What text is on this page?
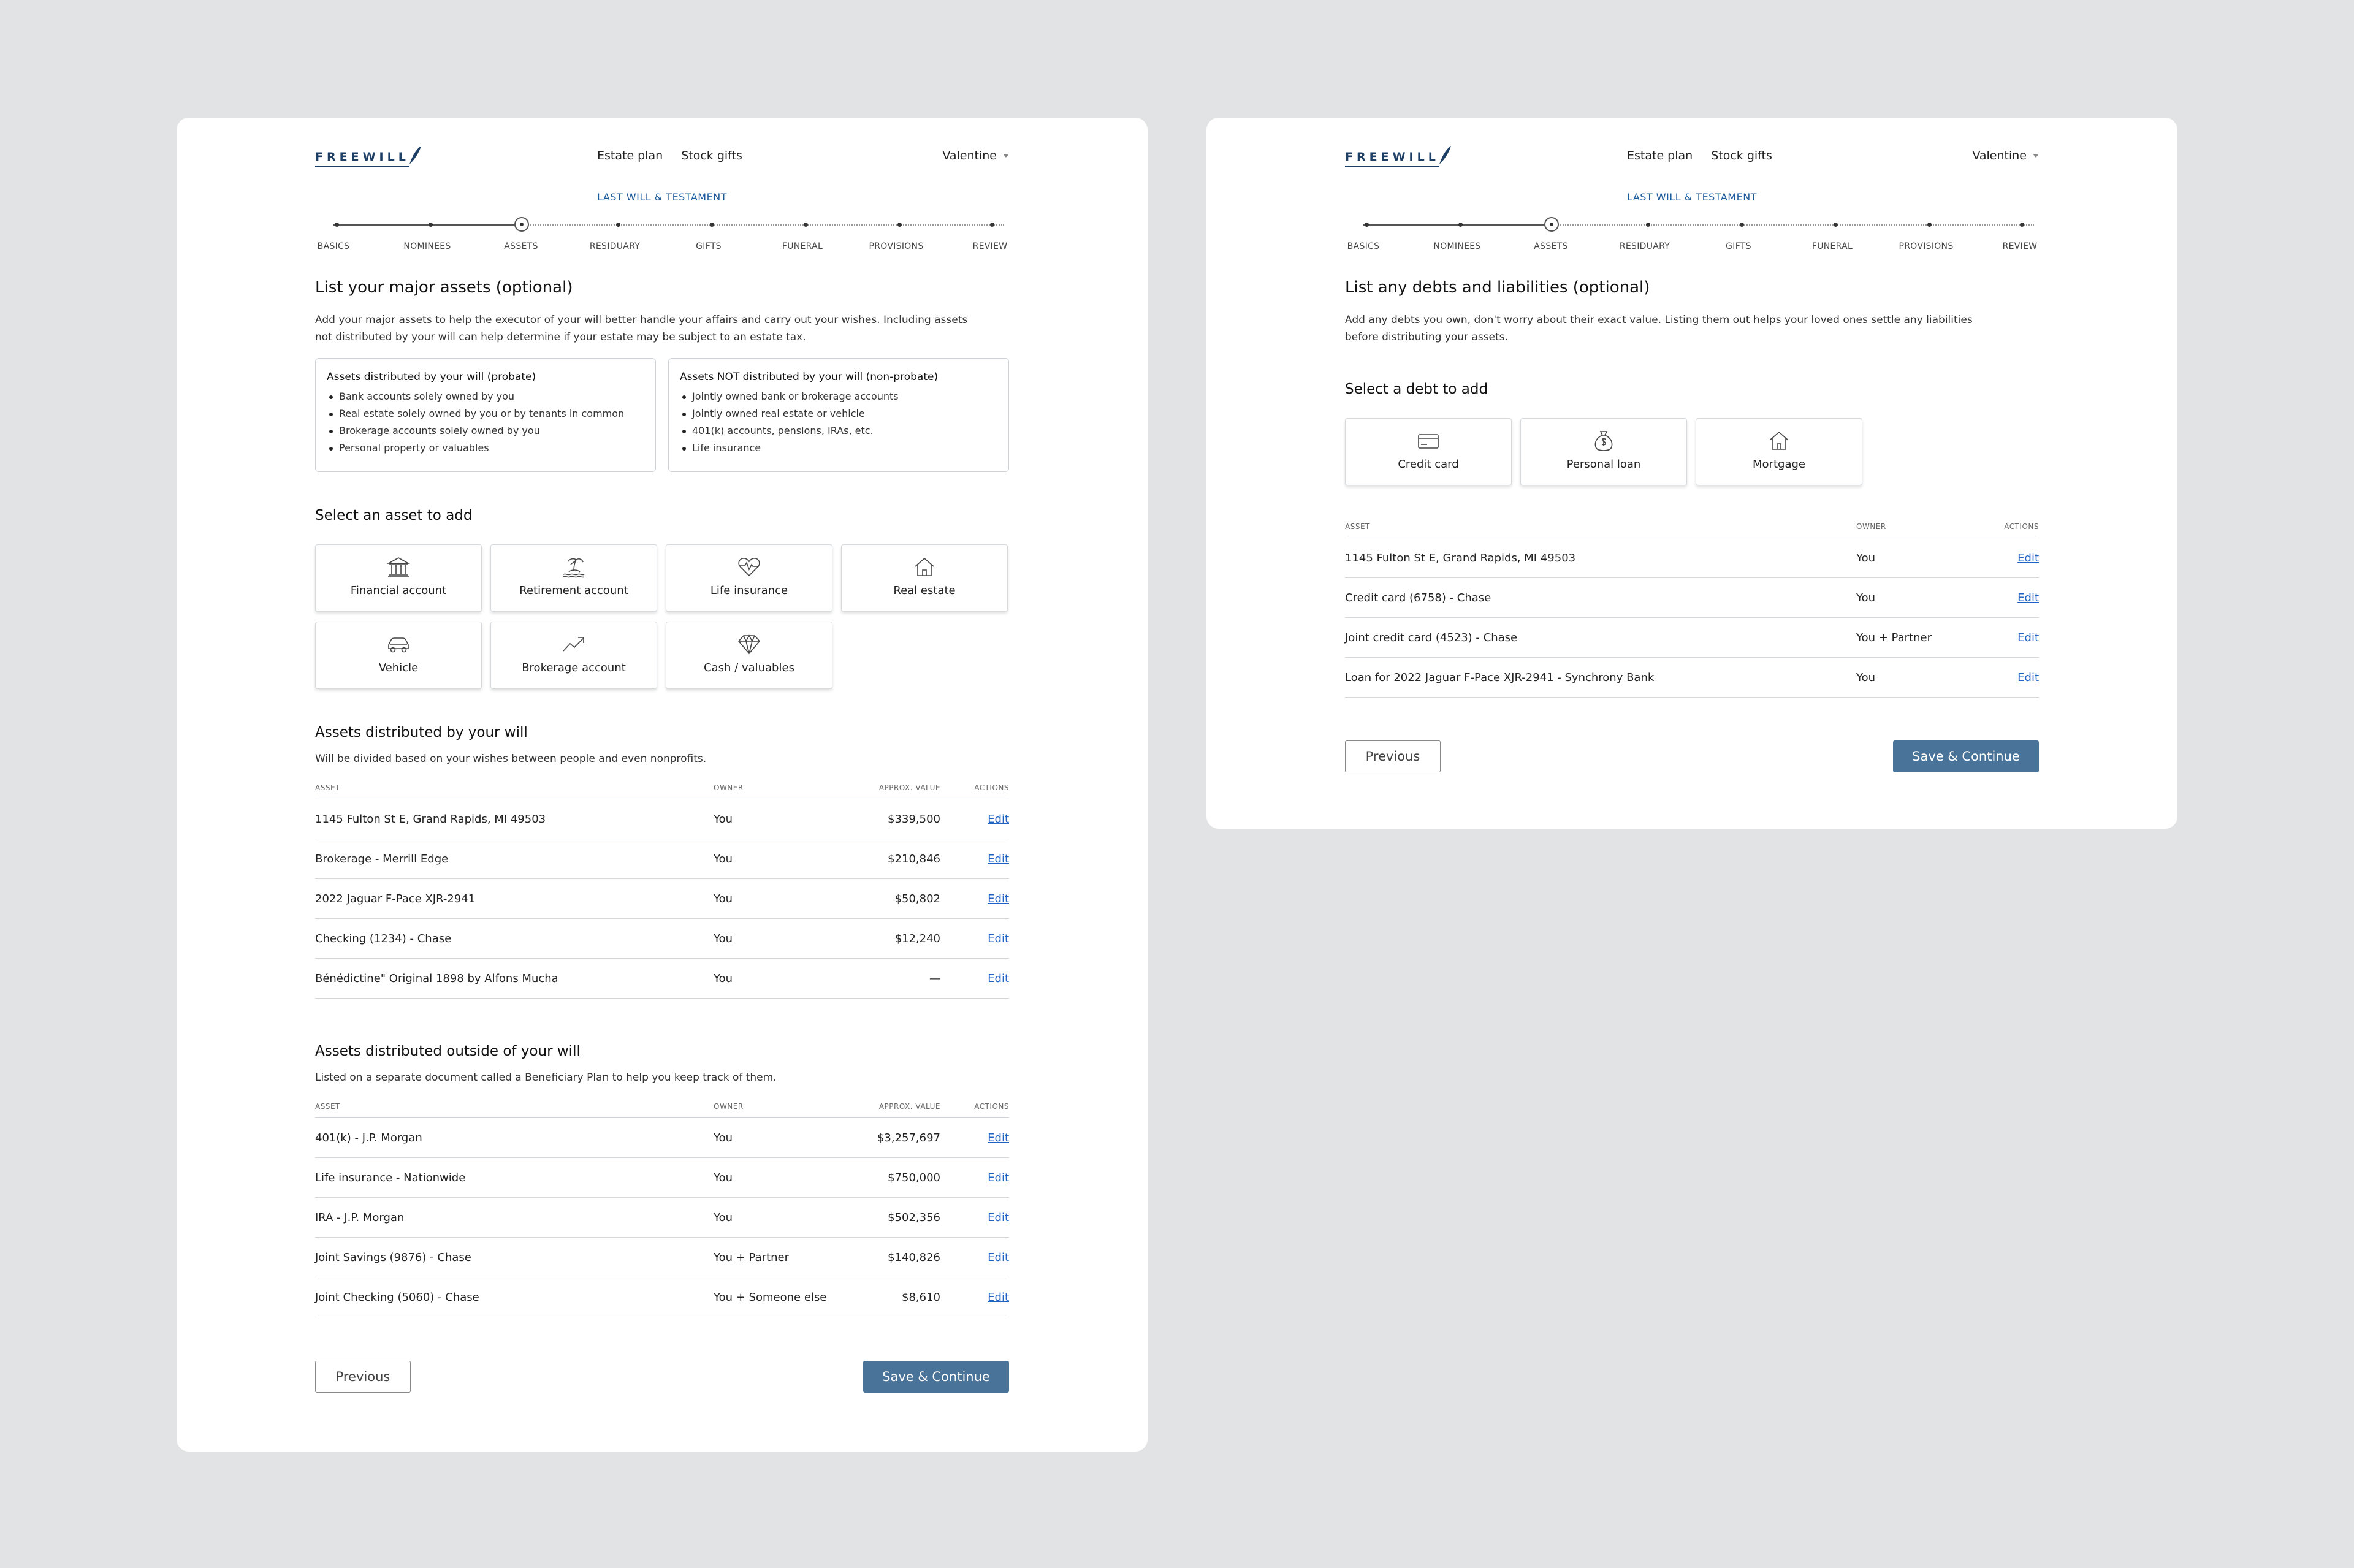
FREEWILL	Estate plan Stock gifts	Valentine
LAST WILL & TESTAMENT
BASICS	NOMINEES	ASSETS	RESIDUARY	GIFTS	FUNERAL	PROVISIONS	REVIEW
List your major assets (optional)

Add your major assets to help the executor of your will better handle your affairs and carry out your wishes. Including assets not distributed by your will can help determine if your estate may be subject to an estate tax.

Assets distributed by your will (probate)
Bank accounts solely owned by you
Real estate solely owned by you or by tenants in common
Brokerage accounts solely owned by you
Personal property or valuables
Assets NOT distributed by your will (non-probate)
Jointly owned bank or brokerage accounts
Jointly owned real estate or vehicle
401(k) accounts, pensions, IRAs, etc.
Life insurance
Select an asset to add
Financial account	Retirement account	Life insurance	Real estate
Vehicle	Brokerage account	Cash / valuables
Assets distributed by your will

Will be divided based on your wishes between people and even nonprofits.

ASSET	OWNER	APPROX. VALUE	ACTIONS
1145 Fulton St E, Grand Rapids, MI 49503	You	$339,500	Edit
Brokerage - Merrill Edge	You	$210,846	Edit
2022 Jaguar F-Pace XJR-2941	You	$50,802	Edit
Checking (1234) - Chase	You	$12,240	Edit
Bénédictine" Original 1898 by Alfons Mucha	You	—	Edit
Assets distributed outside of your will

Listed on a separate document called a Beneficiary Plan to help you keep track of them.

ASSET	OWNER	APPROX. VALUE	ACTIONS
401(k) - J.P. Morgan	You	$3,257,697	Edit
Life insurance - Nationwide	You	$750,000	Edit
IRA - J.P. Morgan	You	$502,356	Edit
Joint Savings (9876) - Chase	You + Partner	$140,826	Edit
Joint Checking (5060) - Chase	You + Someone else	$8,610	Edit
Previous	Save & Continue
FREEWILL	Estate plan Stock gifts	Valentine
LAST WILL & TESTAMENT
BASICS	NOMINEES	ASSETS	RESIDUARY	GIFTS	FUNERAL	PROVISIONS	REVIEW
List any debts and liabilities (optional)

Add any debts you own, don't worry about their exact value. Listing them out helps your loved ones settle any liabilities before distributing your assets.

Select a debt to add
Credit card	Personal loan	Mortgage
ASSET	OWNER	ACTIONS
1145 Fulton St E, Grand Rapids, MI 49503	You	Edit
Credit card (6758) - Chase	You	Edit
Joint credit card (4523) - Chase	You + Partner	Edit
Loan for 2022 Jaguar F-Pace XJR-2941 - Synchrony Bank	You	Edit
Previous	Save & Continue
